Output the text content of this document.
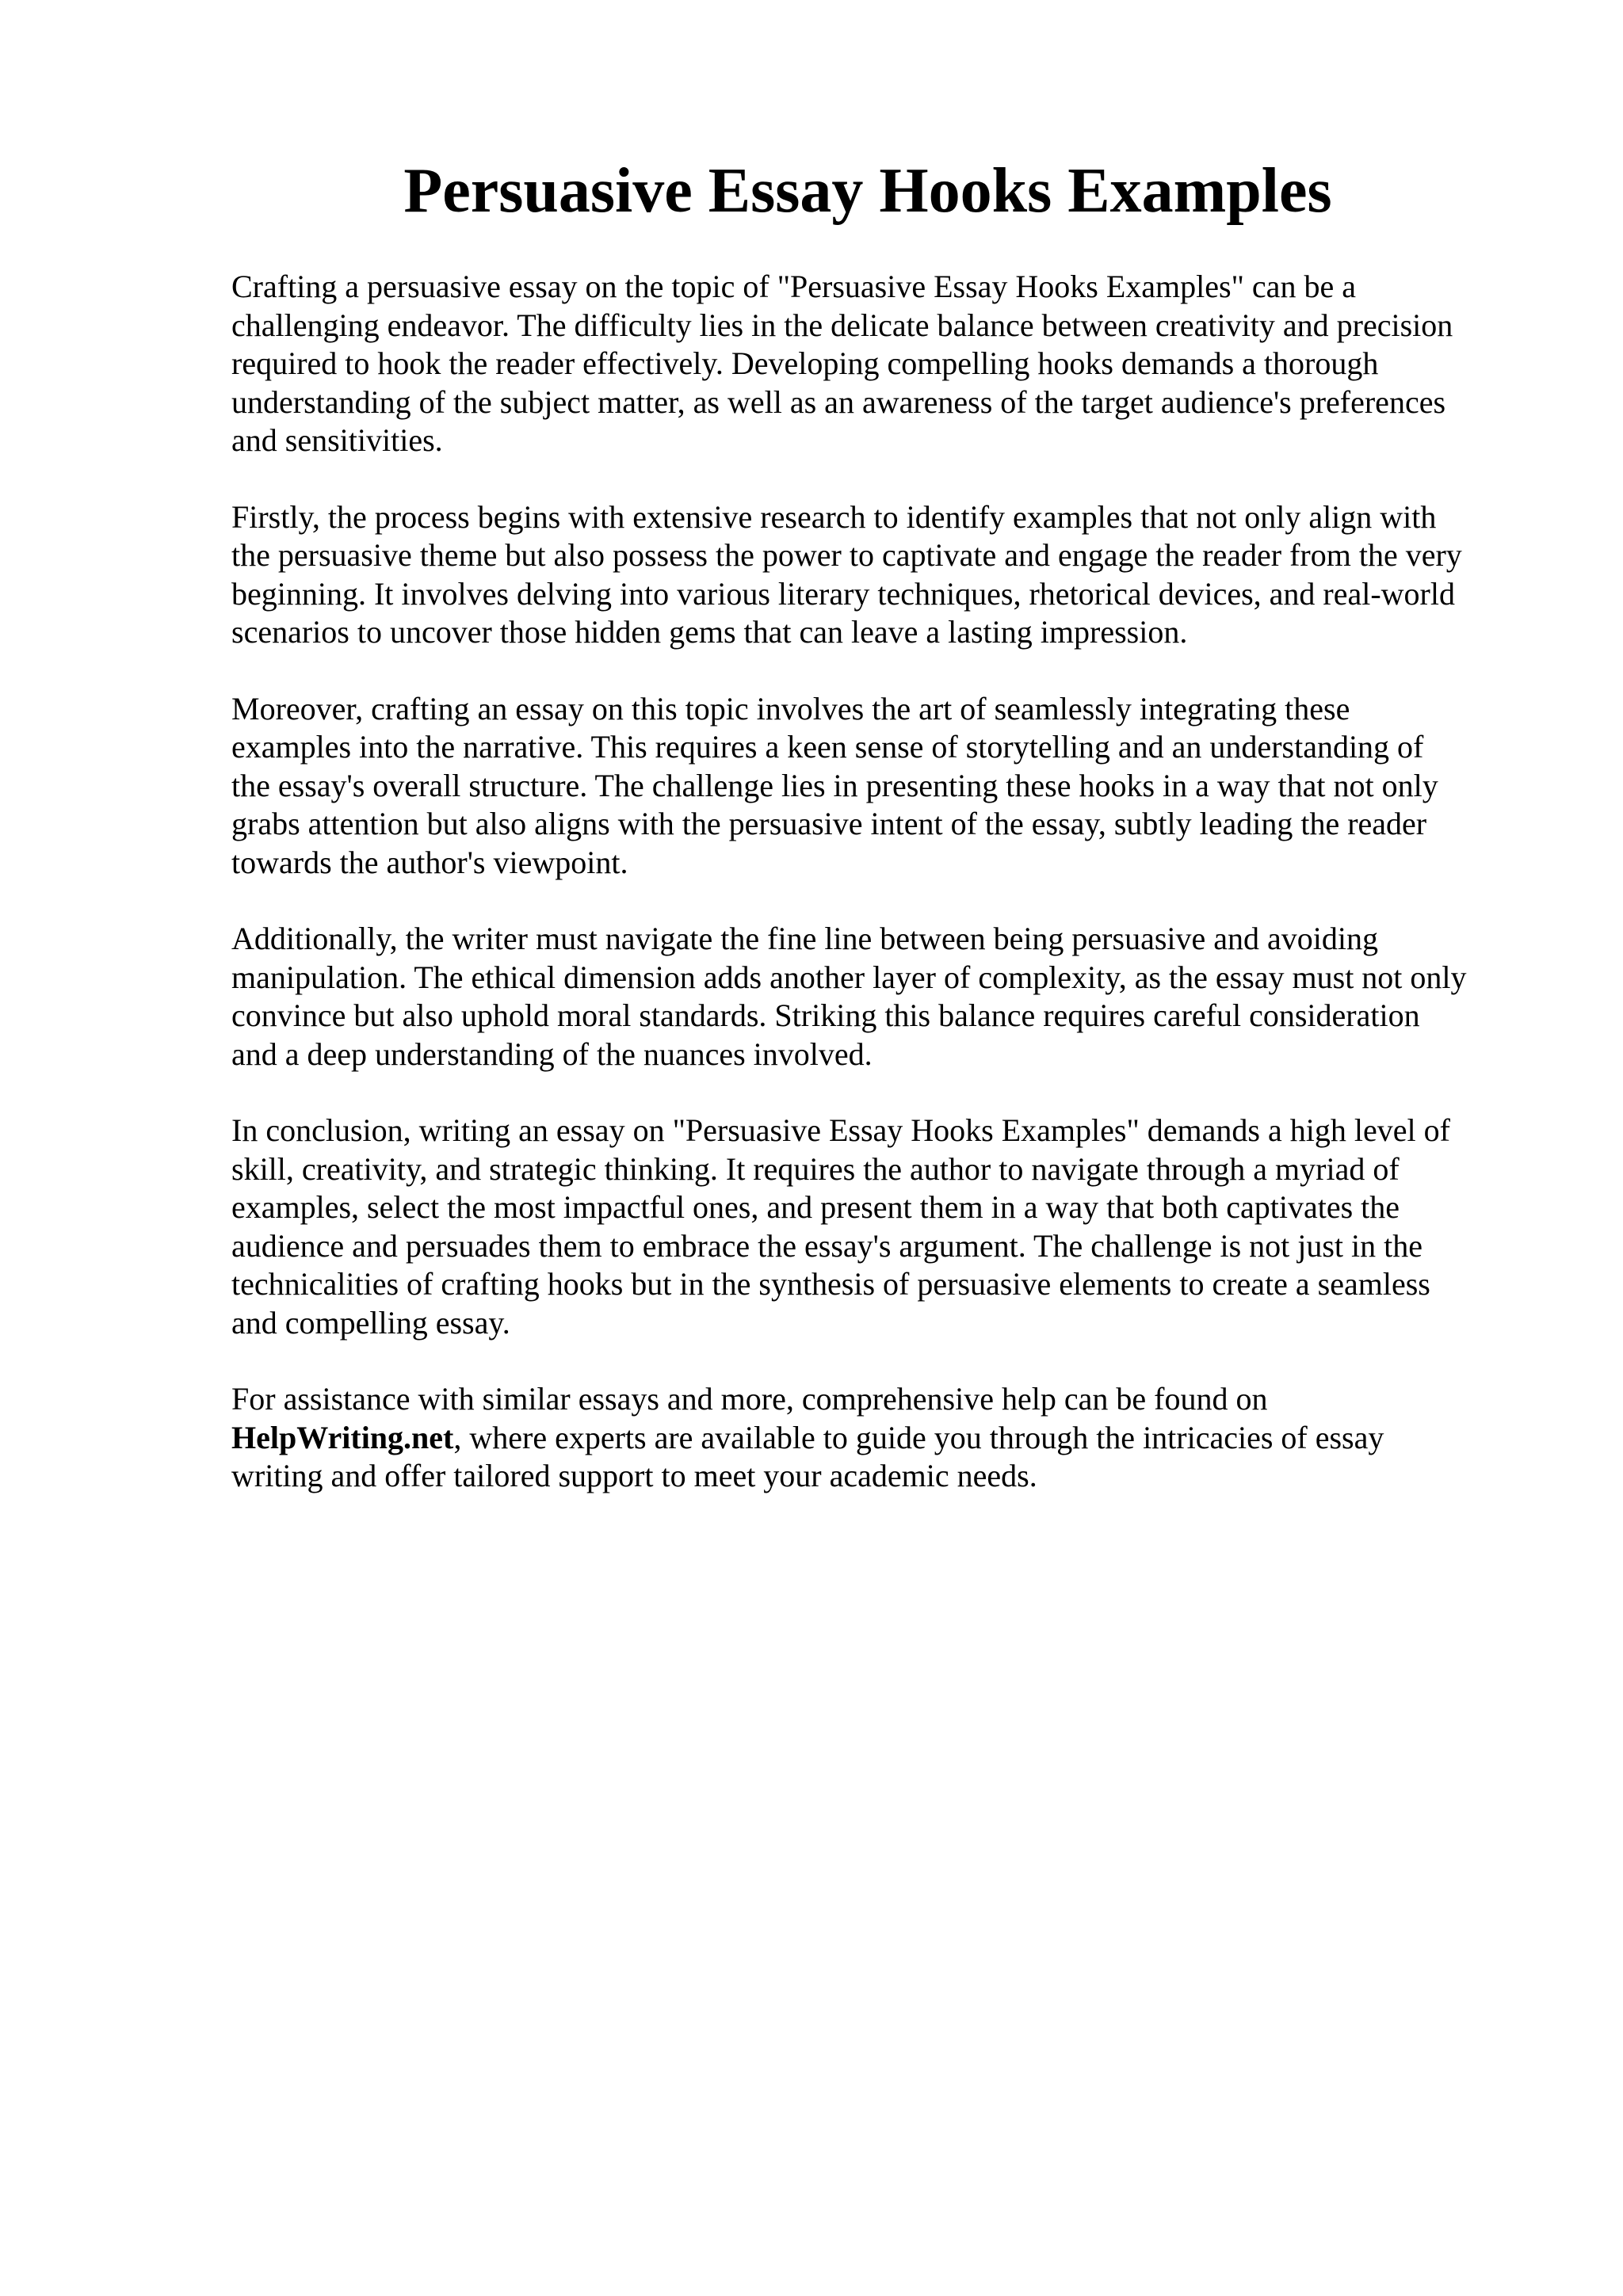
Persuasive Essay Hooks Examples

Crafting a persuasive essay on the topic of "Persuasive Essay Hooks Examples" can be a
challenging endeavor. The difficulty lies in the delicate balance between creativity and precision
required to hook the reader effectively. Developing compelling hooks demands a thorough
understanding of the subject matter, as well as an awareness of the target audience's preferences
and sensitivities.

Firstly, the process begins with extensive research to identify examples that not only align with
the persuasive theme but also possess the power to captivate and engage the reader from the very
beginning. It involves delving into various literary techniques, rhetorical devices, and real-world
scenarios to uncover those hidden gems that can leave a lasting impression.

Moreover, crafting an essay on this topic involves the art of seamlessly integrating these
examples into the narrative. This requires a keen sense of storytelling and an understanding of
the essay's overall structure. The challenge lies in presenting these hooks in a way that not only
grabs attention but also aligns with the persuasive intent of the essay, subtly leading the reader
towards the author's viewpoint.

Additionally, the writer must navigate the fine line between being persuasive and avoiding
manipulation. The ethical dimension adds another layer of complexity, as the essay must not only
convince but also uphold moral standards. Striking this balance requires careful consideration
and a deep understanding of the nuances involved.

In conclusion, writing an essay on "Persuasive Essay Hooks Examples" demands a high level of
skill, creativity, and strategic thinking. It requires the author to navigate through a myriad of
examples, select the most impactful ones, and present them in a way that both captivates the
audience and persuades them to embrace the essay's argument. The challenge is not just in the
technicalities of crafting hooks but in the synthesis of persuasive elements to create a seamless
and compelling essay.

For assistance with similar essays and more, comprehensive help can be found on
HelpWriting.net, where experts are available to guide you through the intricacies of essay
writing and offer tailored support to meet your academic needs.
